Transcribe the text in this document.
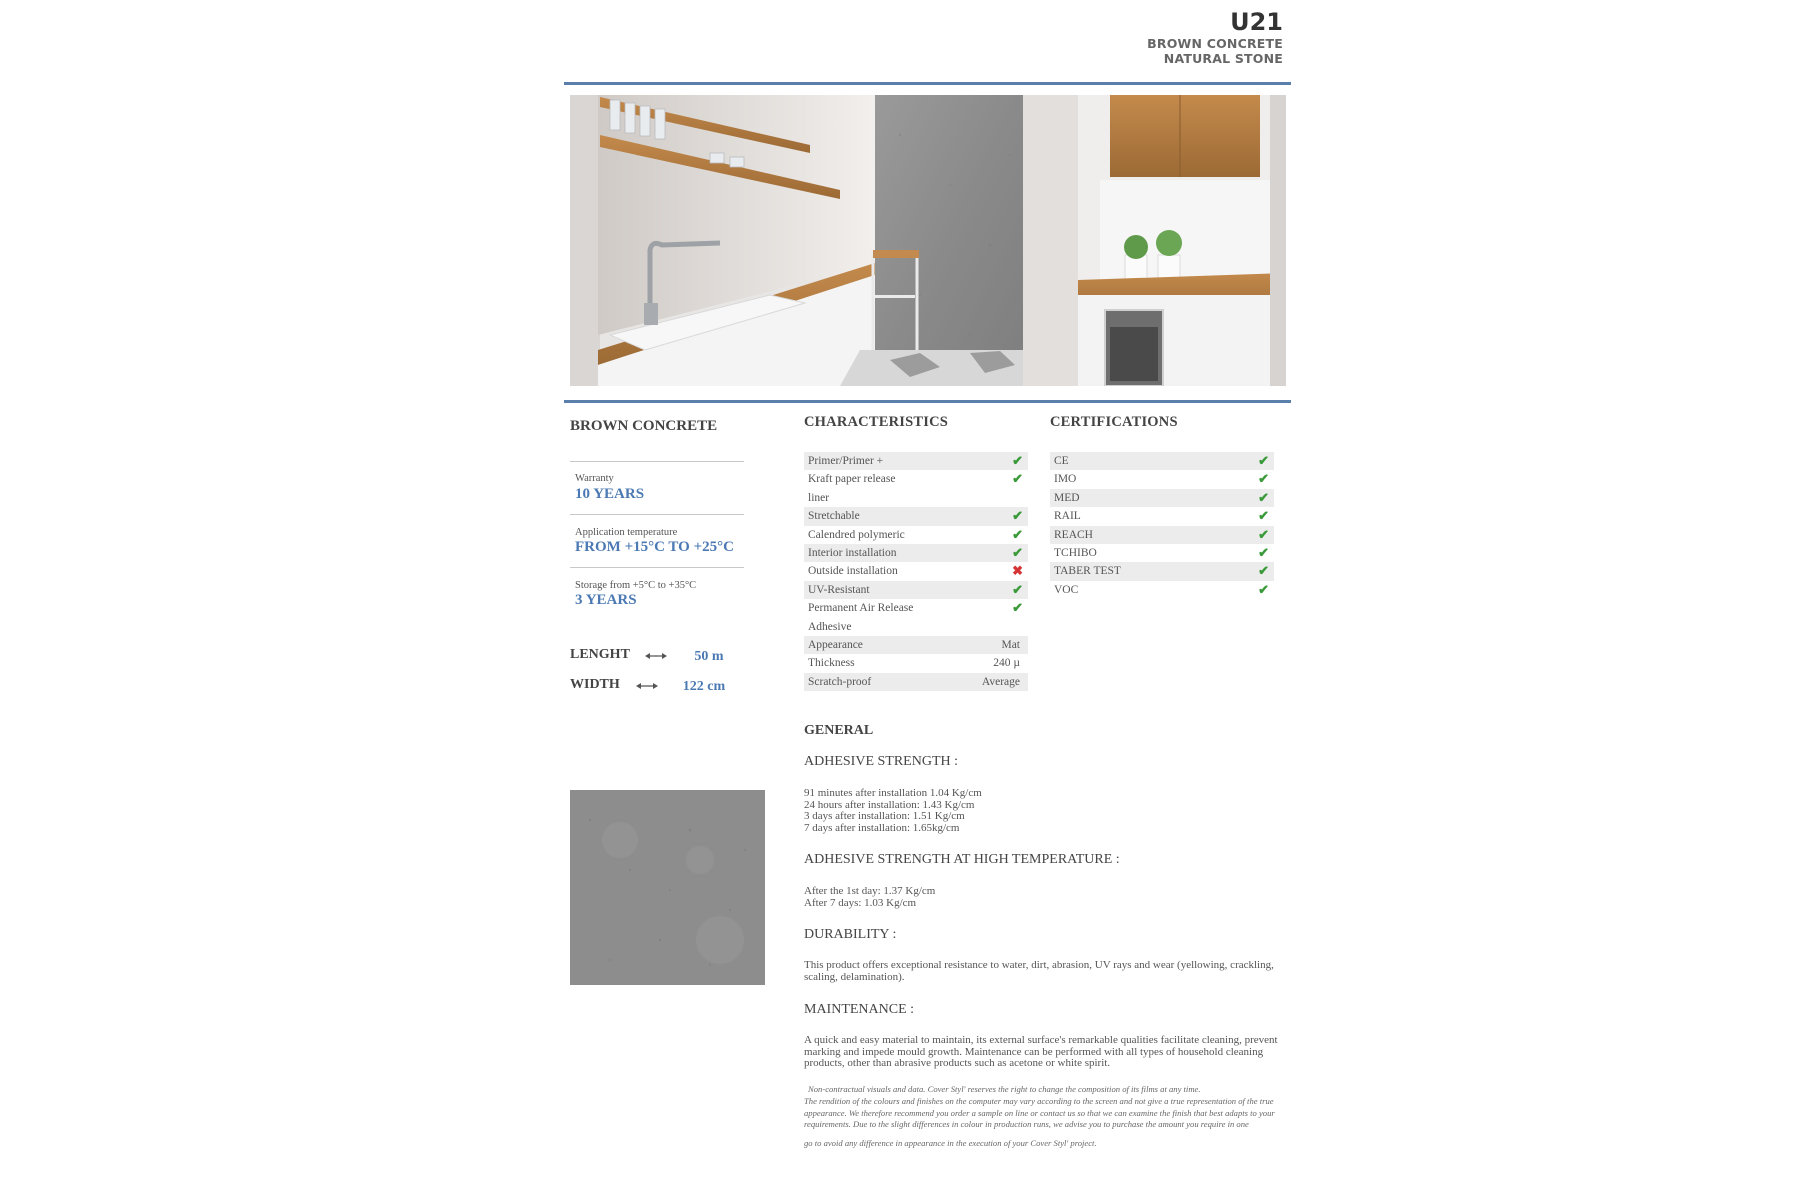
U21
BROWN CONCRETE
NATURAL STONE
BROWN CONCRETE
Warranty
10 YEARS
Application temperature
FROM +15°C TO +25°C
Storage from +5°C to +35°C
3 YEARS
LENGHT	50 m
WIDTH	122 cm
CHARACTERISTICS
Primer/Primer +	✔
Kraft paper release	✔
liner
Stretchable	✔
Calendred polymeric	✔
Interior installation	✔
Outside installation	✖
UV-Resistant	✔
Permanent Air Release	✔
Adhesive
Appearance	Mat
Thickness	240 µ
Scratch-proof	Average
CERTIFICATIONS
CE	✔
IMO	✔
MED	✔
RAIL	✔
REACH	✔
TCHIBO	✔
TABER TEST	✔
VOC	✔
GENERAL
ADHESIVE STRENGTH :
91 minutes after installation 1.04 Kg/cm
24 hours after installation: 1.43 Kg/cm
3 days after installation: 1.51 Kg/cm
7 days after installation: 1.65kg/cm
ADHESIVE STRENGTH AT HIGH TEMPERATURE :
After the 1st day: 1.37 Kg/cm
After 7 days: 1.03 Kg/cm
DURABILITY :
This product offers exceptional resistance to water, dirt, abrasion, UV rays and wear (yellowing, crackling, scaling, delamination).
MAINTENANCE :
A quick and easy material to maintain, its external surface's remarkable qualities facilitate cleaning, prevent marking and impede mould growth. Maintenance can be performed with all types of household cleaning products, other than abrasive products such as acetone or white spirit.
Non-contractual visuals and data. Cover Styl' reserves the right to change the composition of its films at any time.
The rendition of the colours and finishes on the computer may vary according to the screen and not give a true representation of the true appearance. We therefore recommend you order a sample on line or contact us so that we can examine the finish that best adapts to your requirements. Due to the slight differences in colour in production runs, we advise you to purchase the amount you require in one
go to avoid any difference in appearance in the execution of your Cover Styl' project.
